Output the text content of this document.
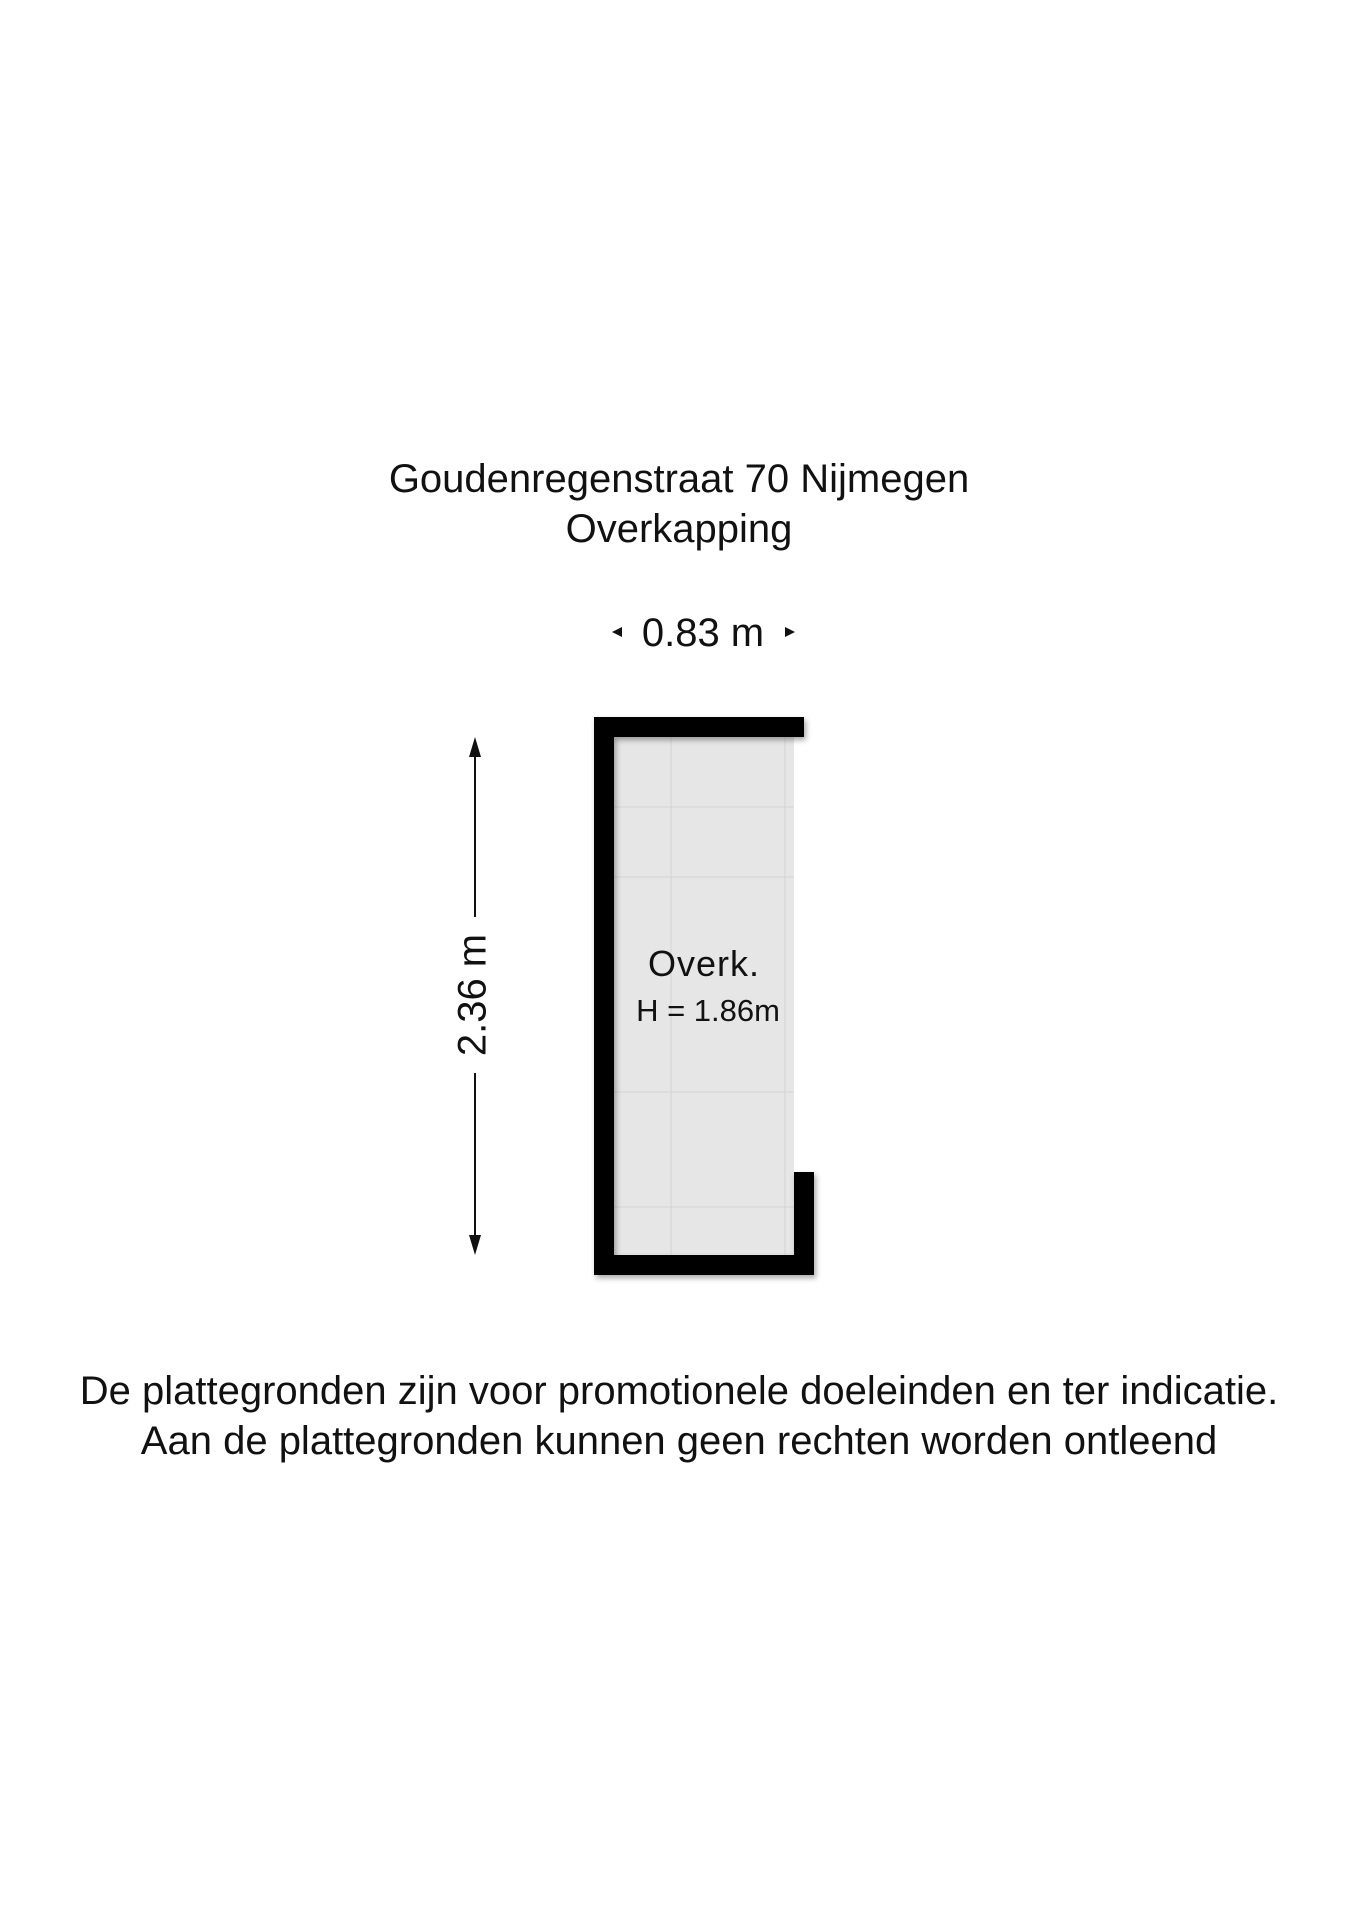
Goudenregenstraat 70 Nijmegen
Overkapping
0.83 m
2.36 m	Overk.
H = 1.86m
De plattegronden zijn voor promotionele doeleinden en ter indicatie.
Aan de plattegronden kunnen geen rechten worden ontleend
